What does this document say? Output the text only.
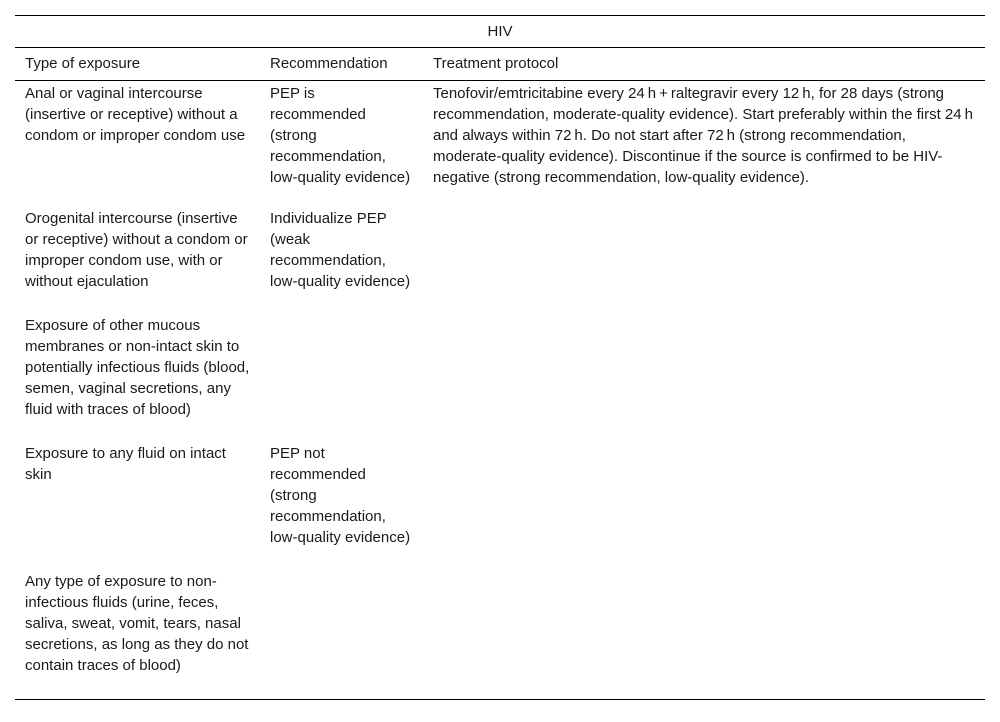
HIV		
Type of exposure	Recommendation	Treatment protocol
Anal or vaginal intercourse (insertive or receptive) without a condom or improper condom use	PEP is recommended (strong recommendation, low-quality evidence)	Tenofovir/emtricitabine every 24 h + raltegravir every 12 h, for 28 days (strong recommendation, moderate-quality evidence). Start preferably within the first 24 h and always within 72 h. Do not start after 72 h (strong recommendation, moderate-quality evidence). Discontinue if the source is confirmed to be HIV-negative (strong recommendation, low-quality evidence).
Orogenital intercourse (insertive or receptive) without a condom or improper condom use, with or without ejaculation	Individualize PEP (weak recommendation, low-quality evidence)	
Exposure of other mucous membranes or non-intact skin to potentially infectious fluids (blood, semen, vaginal secretions, any fluid with traces of blood)		
Exposure to any fluid on intact skin	PEP not recommended (strong recommendation, low-quality evidence)	
Any type of exposure to non-infectious fluids (urine, feces, saliva, sweat, vomit, tears, nasal secretions, as long as they do not contain traces of blood)		
